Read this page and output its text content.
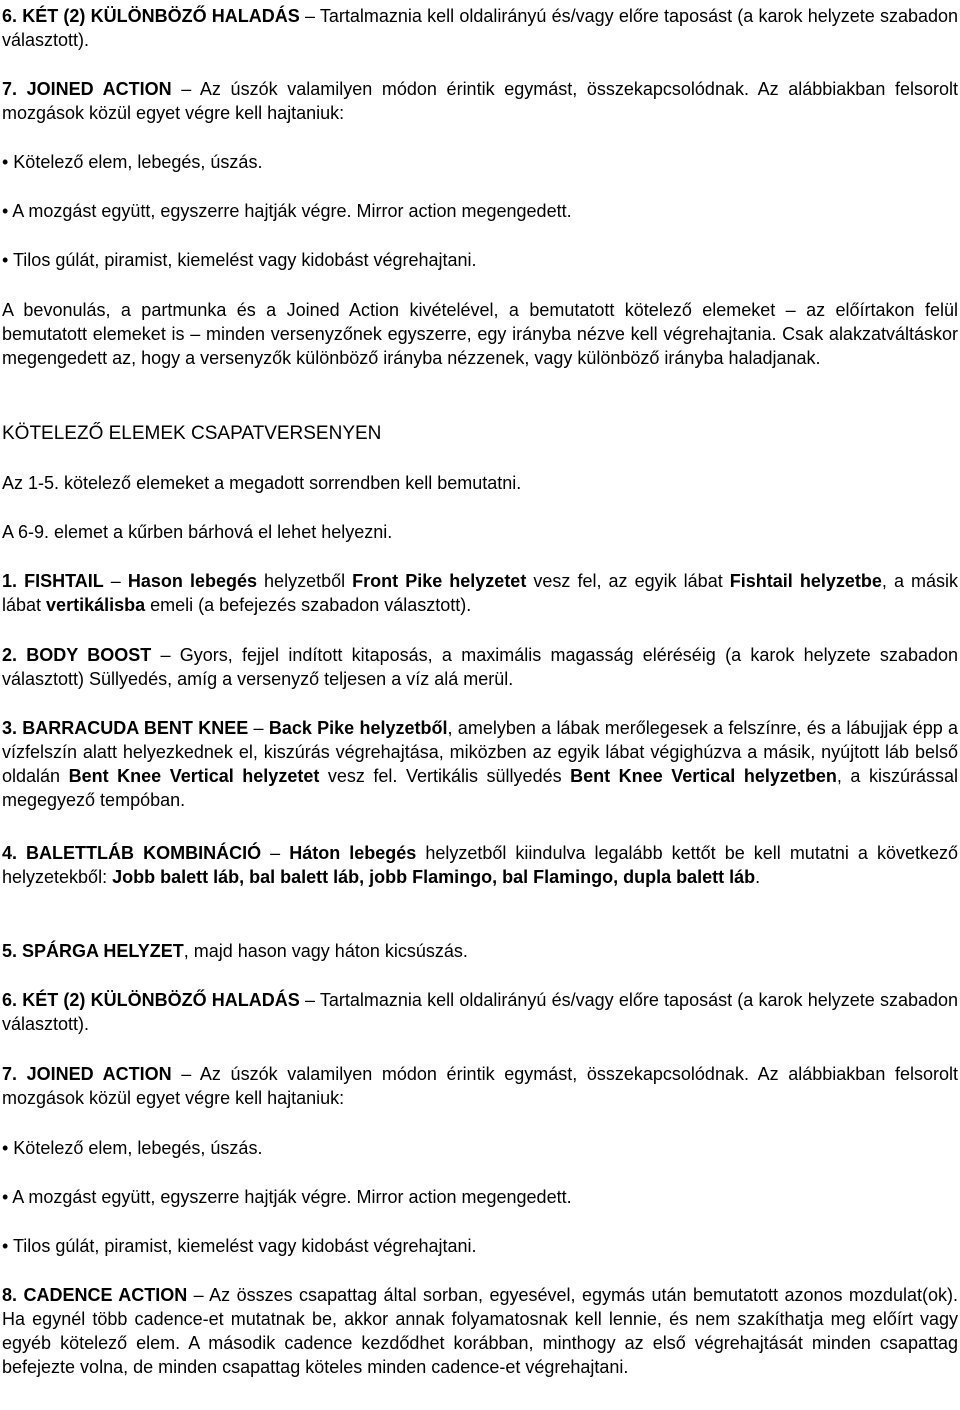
6. KÉT (2) KÜLÖNBÖZŐ HALADÁS – Tartalmaznia kell oldalirányú és/vagy előre taposást (a karok helyzete szabadon választott).

7. JOINED ACTION – Az úszók valamilyen módon érintik egymást, összekapcsolódnak. Az alábbiakban felsorolt mozgások közül egyet végre kell hajtaniuk:

• Kötelező elem, lebegés, úszás.

• A mozgást együtt, egyszerre hajtják végre. Mirror action megengedett.

• Tilos gúlát, piramist, kiemelést vagy kidobást végrehajtani.

A bevonulás, a partmunka és a Joined Action kivételével, a bemutatott kötelező elemeket – az előírtakon felül bemutatott elemeket is – minden versenyzőnek egyszerre, egy irányba nézve kell végrehajtania. Csak alakzatváltáskor megengedett az, hogy a versenyzők különböző irányba nézzenek, vagy különböző irányba haladjanak.

KÖTELEZŐ ELEMEK CSAPATVERSENYEN

Az 1-5. kötelező elemeket a megadott sorrendben kell bemutatni.

A 6-9. elemet a kűrben bárhová el lehet helyezni.

1. FISHTAIL – Hason lebegés helyzetből Front Pike helyzetet vesz fel, az egyik lábat Fishtail helyzetbe, a másik lábat vertikálisba emeli (a befejezés szabadon választott).

2. BODY BOOST – Gyors, fejjel indított kitaposás, a maximális magasság eléréséig (a karok helyzete szabadon választott) Süllyedés, amíg a versenyző teljesen a víz alá merül.

3. BARRACUDA BENT KNEE – Back Pike helyzetből, amelyben a lábak merőlegesek a felszínre, és a lábujjak épp a vízfelszín alatt helyezkednek el, kiszúrás végrehajtása, miközben az egyik lábat végighúzva a másik, nyújtott láb belső oldalán Bent Knee Vertical helyzetet vesz fel. Vertikális süllyedés Bent Knee Vertical helyzetben, a kiszúrással megegyező tempóban.

4. BALETTLÁB KOMBINÁCIÓ – Háton lebegés helyzetből kiindulva legalább kettőt be kell mutatni a következő helyzetekből: Jobb balett láb, bal balett láb, jobb Flamingo, bal Flamingo, dupla balett láb.

5. SPÁRGA HELYZET, majd hason vagy háton kicsúszás.

6. KÉT (2) KÜLÖNBÖZŐ HALADÁS – Tartalmaznia kell oldalirányú és/vagy előre taposást (a karok helyzete szabadon választott).

7. JOINED ACTION – Az úszók valamilyen módon érintik egymást, összekapcsolódnak. Az alábbiakban felsorolt mozgások közül egyet végre kell hajtaniuk:

• Kötelező elem, lebegés, úszás.

• A mozgást együtt, egyszerre hajtják végre. Mirror action megengedett.

• Tilos gúlát, piramist, kiemelést vagy kidobást végrehajtani.

8. CADENCE ACTION – Az összes csapattag által sorban, egyesével, egymás után bemutatott azonos mozdulat(ok). Ha egynél több cadence-et mutatnak be, akkor annak folyamatosnak kell lennie, és nem szakíthatja meg előírt vagy egyéb kötelező elem. A második cadence kezdődhet korábban, minthogy az első végrehajtását minden csapattag befejezte volna, de minden csapattag köteles minden cadence-et végrehajtani.
